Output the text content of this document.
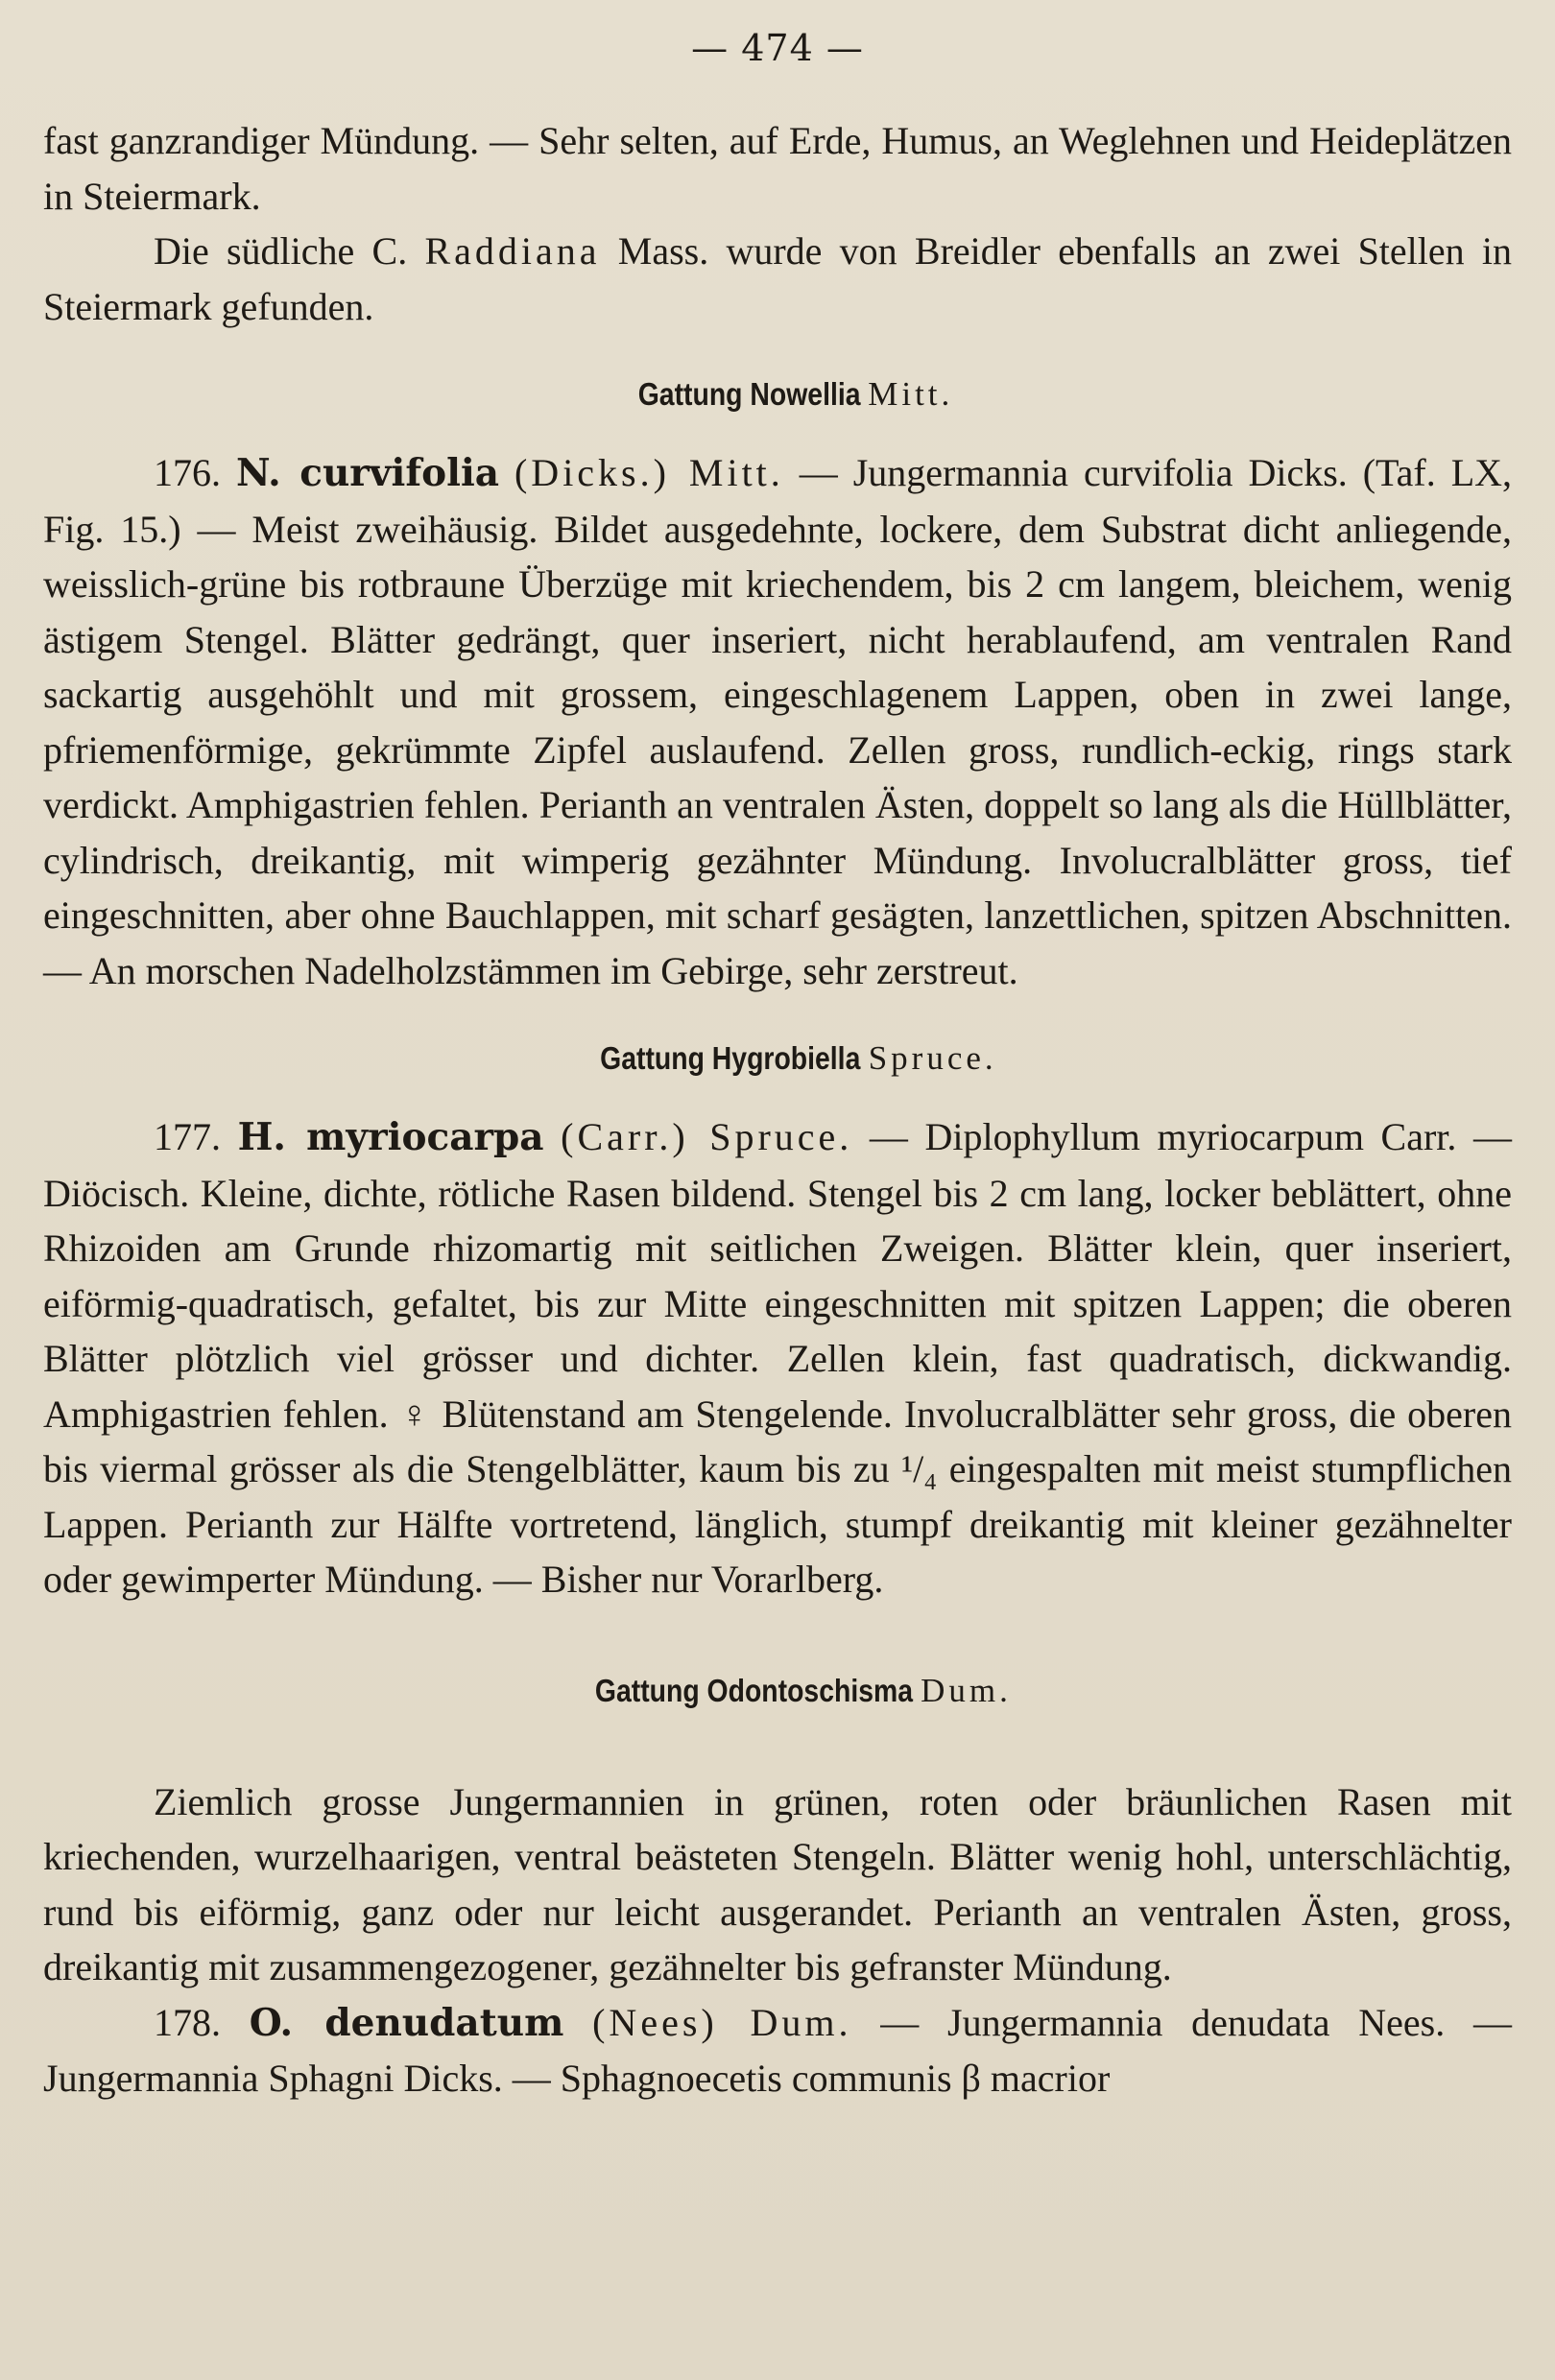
— 474 —

fast ganzrandiger Mündung. — Sehr selten, auf Erde, Humus, an Weglehnen und Heideplätzen in Steiermark.

Die südliche C. Raddiana Mass. wurde von Breidler ebenfalls an zwei Stellen in Steiermark gefunden.

Gattung Nowellia Mitt.

176. N. curvifolia (Dicks.) Mitt. — Jungermannia curvifolia Dicks. (Taf. LX, Fig. 15.) — Meist zweihäusig. Bildet ausgedehnte, lockere, dem Substrat dicht anliegende, weisslich-grüne bis rotbraune Überzüge mit kriechendem, bis 2 cm langem, bleichem, wenig ästigem Stengel. Blätter gedrängt, quer inseriert, nicht herablaufend, am ventralen Rand sackartig ausgehöhlt und mit grossem, eingeschlagenem Lappen, oben in zwei lange, pfriemenförmige, gekrümmte Zipfel auslaufend. Zellen gross, rundlich-eckig, rings stark verdickt. Amphigastrien fehlen. Perianth an ventralen Ästen, doppelt so lang als die Hüllblätter, cylindrisch, dreikantig, mit wimperig gezähnter Mündung. Involucralblätter gross, tief eingeschnitten, aber ohne Bauchlappen, mit scharf gesägten, lanzettlichen, spitzen Abschnitten. — An morschen Nadelholzstämmen im Gebirge, sehr zerstreut.

Gattung Hygrobiella Spruce.

177. H. myriocarpa (Carr.) Spruce. — Diplophyllum myriocarpum Carr. — Diöcisch. Kleine, dichte, rötliche Rasen bildend. Stengel bis 2 cm lang, locker beblättert, ohne Rhizoiden am Grunde rhizomartig mit seitlichen Zweigen. Blätter klein, quer inseriert, eiförmig-quadratisch, gefaltet, bis zur Mitte eingeschnitten mit spitzen Lappen; die oberen Blätter plötzlich viel grösser und dichter. Zellen klein, fast quadratisch, dickwandig. Amphigastrien fehlen. ♀ Blütenstand am Stengelende. Involucralblätter sehr gross, die oberen bis viermal grösser als die Stengelblätter, kaum bis zu ¹/₄ eingespalten mit meist stumpflichen Lappen. Perianth zur Hälfte vortretend, länglich, stumpf dreikantig mit kleiner gezähnelter oder gewimperter Mündung. — Bisher nur Vorarlberg.

Gattung Odontoschisma Dum.

Ziemlich grosse Jungermannien in grünen, roten oder bräunlichen Rasen mit kriechenden, wurzelhaarigen, ventral beästeten Stengeln. Blätter wenig hohl, unterschlächtig, rund bis eiförmig, ganz oder nur leicht ausgerandet. Perianth an ventralen Ästen, gross, dreikantig mit zusammengezogener, gezähnelter bis gefranster Mündung.

178. O. denudatum (Nees) Dum. — Jungermannia denudata Nees. — Jungermannia Sphagni Dicks. — Sphagnoecetis communis β macrior
